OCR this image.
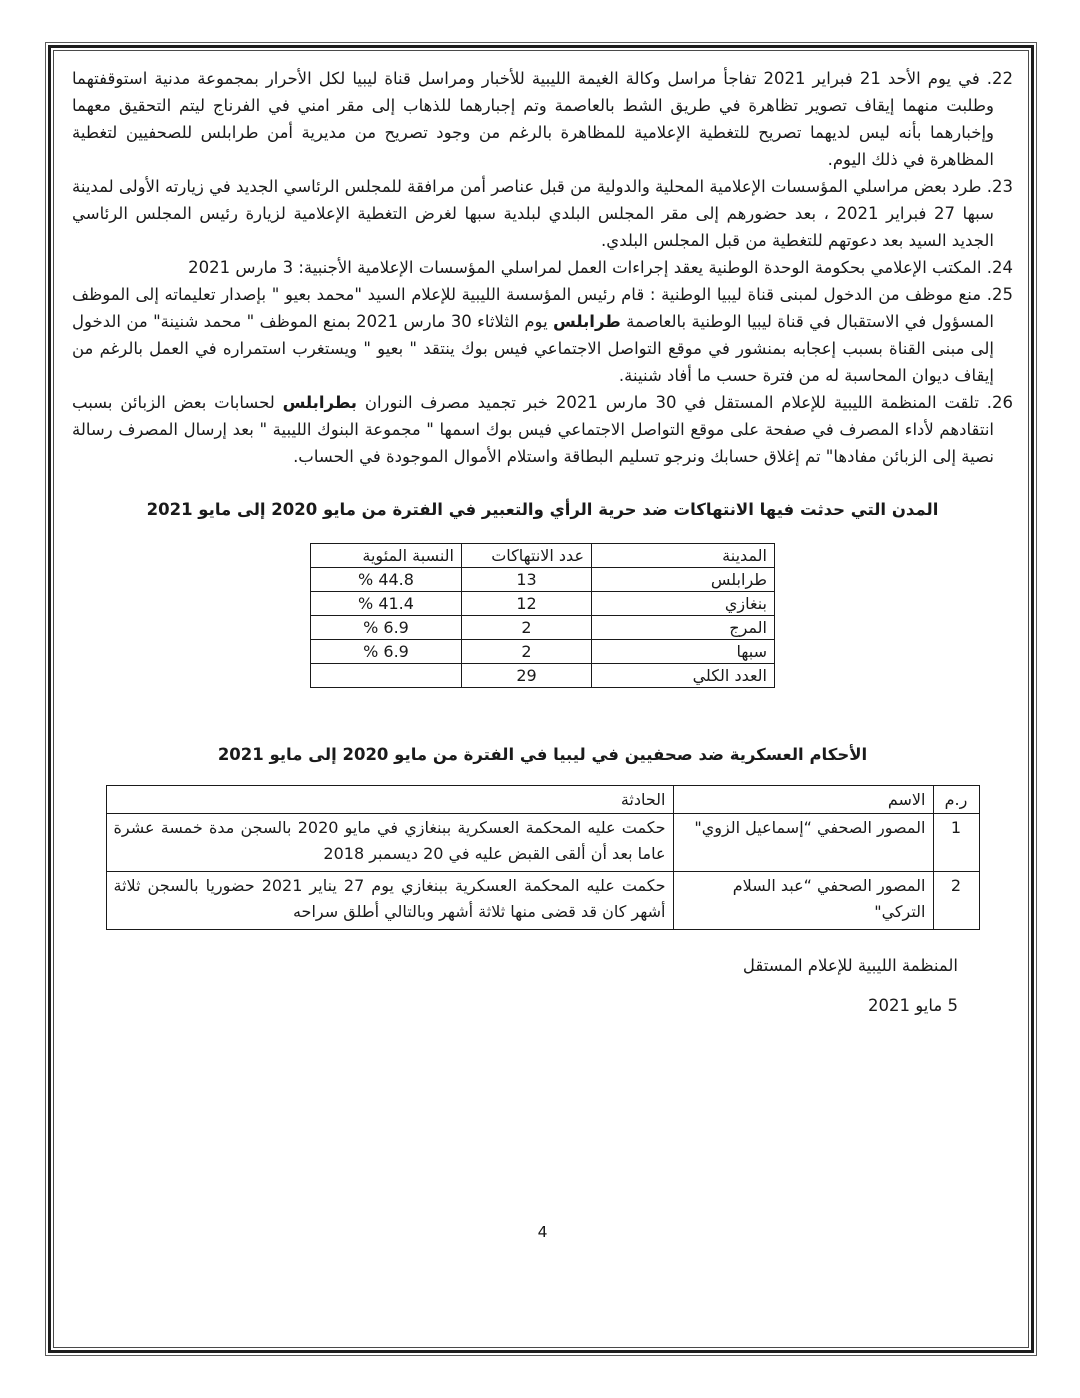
22. في يوم الأحد 21 فبراير 2021 تفاجأ مراسل وكالة الغيمة الليبية للأخبار ومراسل قناة ليبيا لكل الأحرار بمجموعة مدنية استوقفتهما وطلبت منهما إيقاف تصوير تظاهرة في طريق الشط بالعاصمة وتم إجبارهما للذهاب إلى مقر امني في الفرناج ليتم التحقيق معهما وإخبارهما بأنه ليس لديهما تصريح للتغطية الإعلامية للمظاهرة بالرغم من وجود تصريح من مديرية أمن طرابلس للصحفيين لتغطية المظاهرة في ذلك اليوم.
23. طرد بعض مراسلي المؤسسات الإعلامية المحلية والدولية من قبل عناصر أمن مرافقة للمجلس الرئاسي الجديد في زيارته الأولى لمدينة سبها 27 فبراير 2021 ، بعد حضورهم إلى مقر المجلس البلدي لبلدية سبها لغرض التغطية الإعلامية لزيارة رئيس المجلس الرئاسي الجديد السيد بعد دعوتهم للتغطية من قبل المجلس البلدي.
24. المكتب الإعلامي بحكومة الوحدة الوطنية يعقد إجراءات العمل لمراسلي المؤسسات الإعلامية الأجنبية: 3 مارس 2021
25. منع موظف من الدخول لمبنى قناة ليبيا الوطنية : قام رئيس المؤسسة الليبية للإعلام السيد "محمد بعيو " بإصدار تعليماته إلى الموظف المسؤول في الاستقبال في قناة ليبيا الوطنية بالعاصمة طرابلس يوم الثلاثاء 30 مارس 2021 بمنع الموظف " محمد شنينة" من الدخول إلى مبنى القناة بسبب إعجابه بمنشور في موقع التواصل الاجتماعي فيس بوك ينتقد " بعيو " ويستغرب استمراره في العمل بالرغم من إيقاف ديوان المحاسبة له من فترة حسب ما أفاد شنينة.
26. تلقت المنظمة الليبية للإعلام المستقل في 30 مارس 2021 خبر تجميد مصرف النوران بطرابلس لحسابات بعض الزبائن بسبب انتقادهم لأداء المصرف في صفحة على موقع التواصل الاجتماعي فيس بوك اسمها " مجموعة البنوك الليبية " بعد إرسال المصرف رسالة نصية إلى الزبائن مفادها" تم إغلاق حسابك ونرجو تسليم البطاقة واستلام الأموال الموجودة في الحساب.
المدن التي حدثت فيها الانتهاكات ضد حرية الرأي والتعبير في الفترة من مايو 2020 إلى مايو 2021
المدينة	عدد الانتهاكات	النسبة المئوية
طرابلس	13	% 44.8
بنغازي	12	% 41.4
المرج	2	% 6.9
سبها	2	% 6.9
العدد الكلي	29	
الأحكام العسكرية ضد صحفيين في ليبيا في الفترة من مايو 2020 إلى مايو 2021
ر.م	الاسم	الحادثة
1	المصور الصحفي “إسماعيل الزوي"	حكمت عليه المحكمة العسكرية ببنغازي في مايو 2020 بالسجن مدة خمسة عشرة عاما بعد أن ألقى القبض عليه في 20 ديسمبر 2018
2	المصور الصحفي “عبد السلام التركي"	حكمت عليه المحكمة العسكرية ببنغازي يوم 27 يناير 2021 حضوريا بالسجن ثلاثة أشهر كان قد قضى منها ثلاثة أشهر وبالتالي أطلق سراحه
المنظمة الليبية للإعلام المستقل
5 مايو 2021
4
